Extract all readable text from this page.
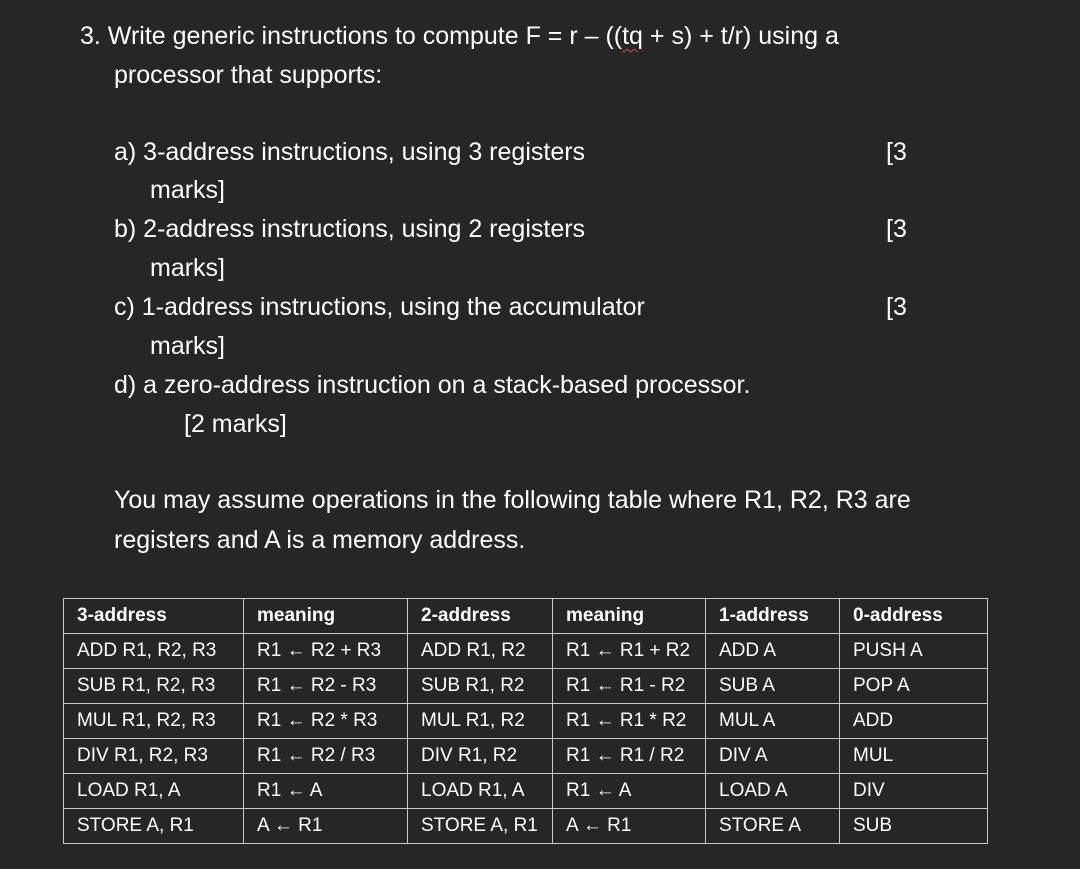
3. Write generic instructions to compute F = r – ((tq + s) + t/r) using a
processor that supports:
a) 3-address instructions, using 3 registers	[3
marks]
b) 2-address instructions, using 2 registers	[3
marks]
c) 1-address instructions, using the accumulator	[3
marks]
d) a zero-address instruction on a stack-based processor.
[2 marks]
You may assume operations in the following table where R1, R2, R3 are
registers and A is a memory address.
3-address	meaning	2-address	meaning	1-address	0-address
ADD R1, R2, R3	R1 ← R2 + R3	ADD R1, R2	R1 ← R1 + R2	ADD A	PUSH A
SUB R1, R2, R3	R1 ← R2 - R3	SUB R1, R2	R1 ← R1 - R2	SUB A	POP A
MUL R1, R2, R3	R1 ← R2 * R3	MUL R1, R2	R1 ← R1 * R2	MUL A	ADD
DIV R1, R2, R3	R1 ← R2 / R3	DIV R1, R2	R1 ← R1 / R2	DIV A	MUL
LOAD R1, A	R1 ← A	LOAD R1, A	R1 ← A	LOAD A	DIV
STORE A, R1	A ← R1	STORE A, R1	A ← R1	STORE A	SUB
